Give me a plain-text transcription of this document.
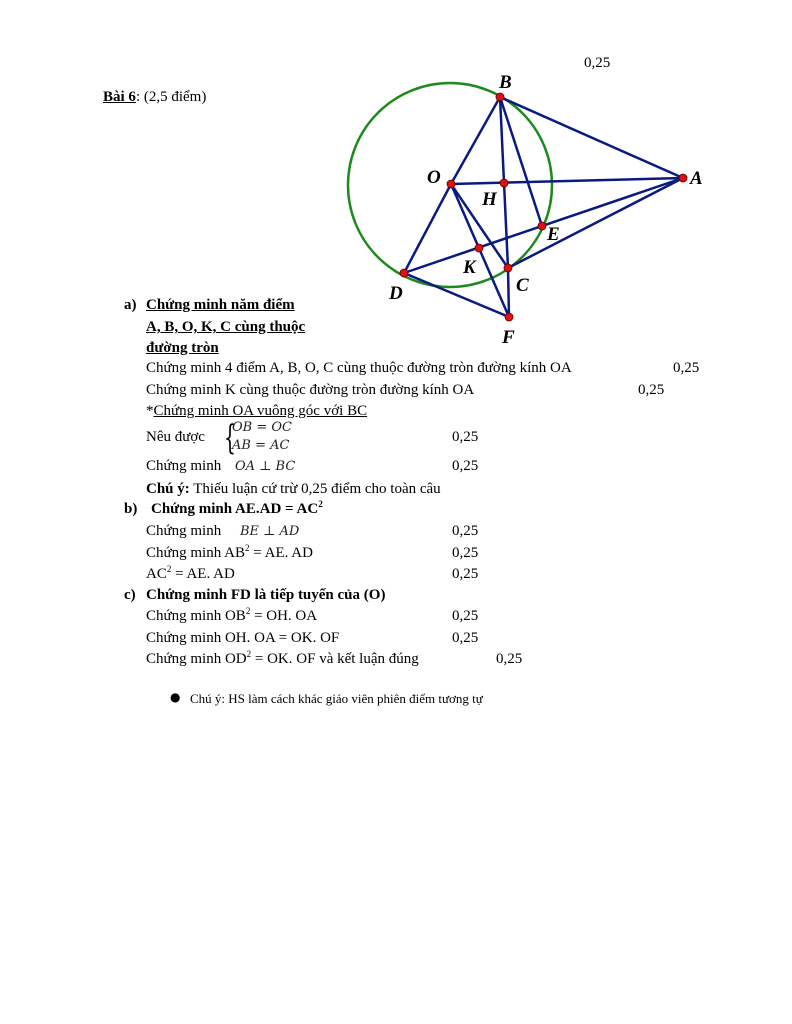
0,25
Bài 6: (2,5 điểm)
B
O	A
H
E
K
C
D
F
a) Chứng minh năm điểm
A, B, O, K, C cùng thuộc
đường tròn
Chứng minh 4 điểm A, B, O, C cùng thuộc đường tròn đường kính OA	0,25
Chứng minh K cùng thuộc đường tròn đường kính OA	0,25
*Chứng minh OA vuông góc với BC
Nêu được {
OB = OC
AB = AC
0,25
Chứng minh OA ⊥ BC	0,25
Chú ý: Thiếu luận cứ trừ 0,25 điểm cho toàn câu
b) Chứng minh $AE.AD = AC^2$
Chứng minh BE ⊥ AD	0,25
Chứng minh $AB^2$ = AE. AD	0,25
$AC^2$ = AE. AD	0,25
c) Chứng minh FD là tiếp tuyến của (O)
Chứng minh $OB^2$ = OH. OA	0,25
Chứng minh OH. OA = OK. OF	0,25
Chứng minh $OD^2$ = OK. OF và kết luận đúng	0,25
● Chú ý: HS làm cách khác giáo viên phiên điểm tương tự
